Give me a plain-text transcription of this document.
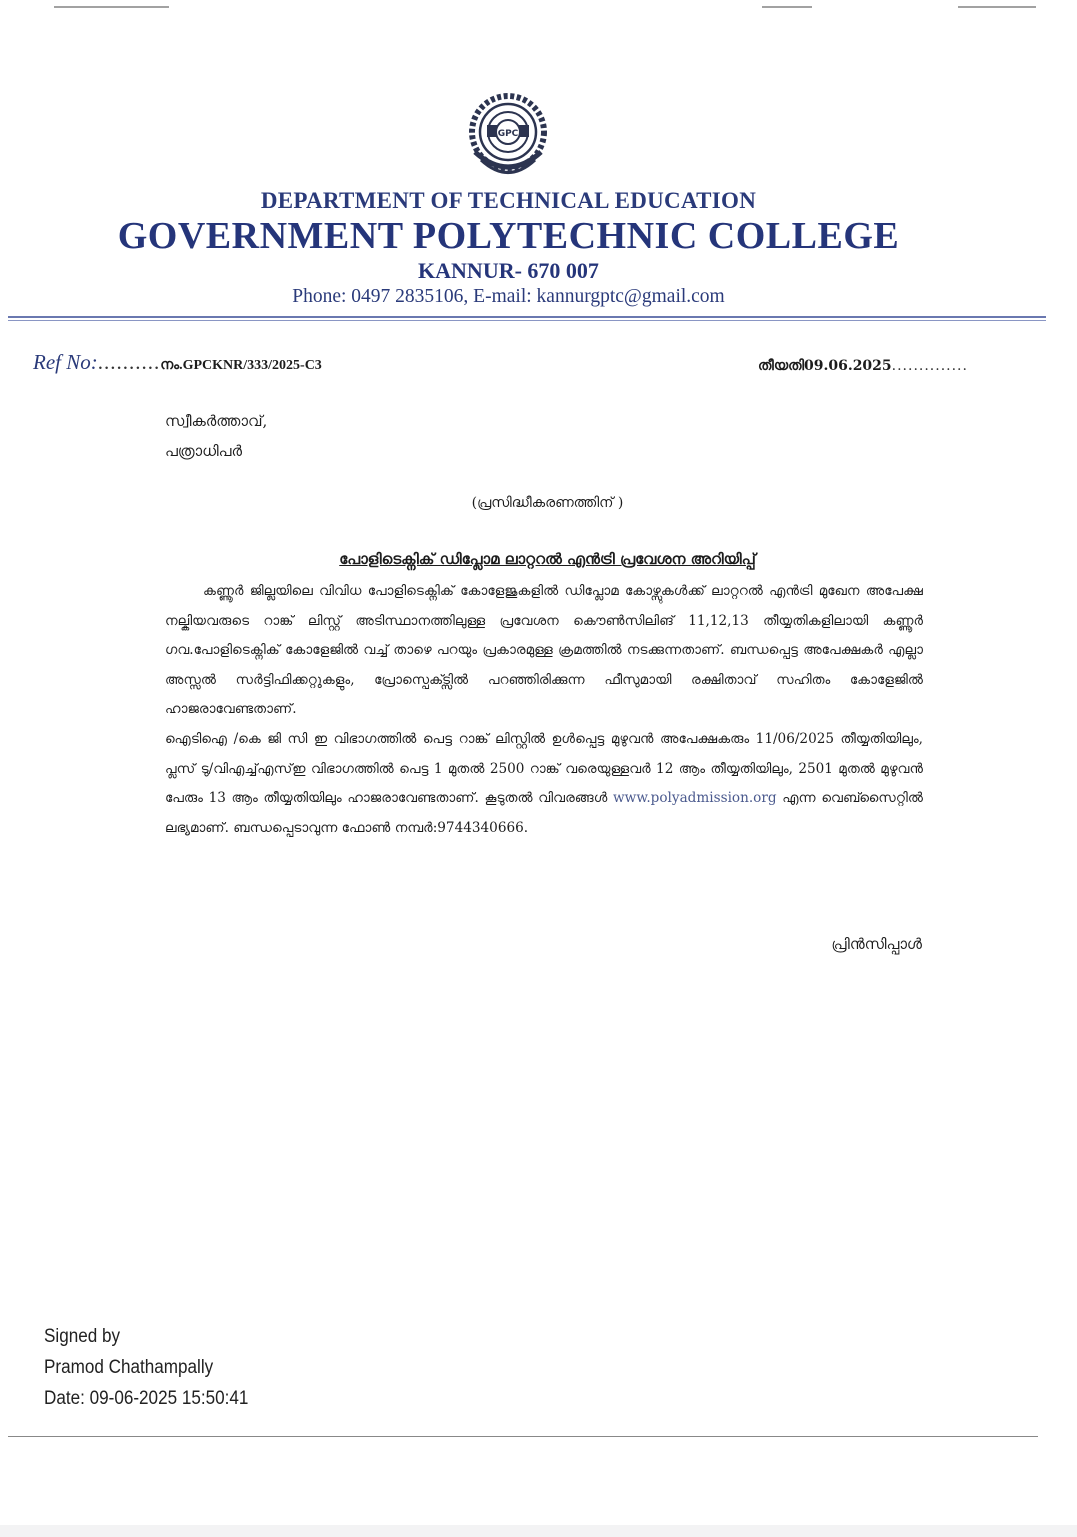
GPC
DEPARTMENT OF TECHNICAL EDUCATION
GOVERNMENT POLYTECHNIC COLLEGE
KANNUR- 670 007
Phone: 0497 2835106, E-mail: kannurgptc@gmail.com
Ref No:..........നം.GPCKNR/333/2025-C3	തീയതി09.06.2025..............
സ്വീകർത്താവ്,
പത്രാധിപർ
(പ്രസിദ്ധീകരണത്തിന് )
പോളിടെക്നിക് ഡിപ്ലോമ ലാറ്ററൽ എൻട്രി പ്രവേശന അറിയിപ്പ്

കണ്ണൂർ ജില്ലയിലെ വിവിധ പോളിടെക്നിക് കോളേജുകളിൽ ഡിപ്ലോമ കോഴ്സുകൾക്ക് ലാറ്ററൽ എൻട്രി മുഖേന അപേക്ഷ നല്കിയവരുടെ റാങ്ക് ലിസ്റ്റ് അടിസ്ഥാനത്തിലുള്ള പ്രവേശന കൌൺസിലിങ് 11,12,13 തീയ്യതികളിലായി കണ്ണൂർ ഗവ.പോളിടെക്നിക് കോളേജിൽ വച്ച് താഴെ പറയും പ്രകാരമുള്ള ക്രമത്തിൽ നടക്കുന്നതാണ്. ബന്ധപ്പെട്ട അപേക്ഷകർ എല്ലാ അസ്സൽ സർട്ടിഫിക്കറ്റുകളും, പ്രോസ്പെക്ട്സിൽ പറഞ്ഞിരിക്കുന്ന ഫീസുമായി രക്ഷിതാവ് സഹിതം കോളേജിൽ ഹാജരാവേണ്ടതാണ്.

ഐടിഐ /കെ ജി സി ഇ വിഭാഗത്തിൽ പെട്ട റാങ്ക് ലിസ്റ്റിൽ ഉൾപ്പെട്ട മുഴുവൻ അപേക്ഷകരും 11/06/2025 തീയ്യതിയിലും, പ്ലസ് ടു/വിഎച്ച്എസ്ഇ വിഭാഗത്തിൽ പെട്ട 1 മുതൽ 2500 റാങ്ക് വരെയുള്ളവർ 12 ആം തീയ്യതിയിലും, 2501 മുതൽ മുഴുവൻ പേരും 13 ആം തീയ്യതിയിലും ഹാജരാവേണ്ടതാണ്. കൂടുതൽ വിവരങ്ങൾ www.polyadmission.org എന്ന വെബ്സൈറ്റിൽ ലഭ്യമാണ്. ബന്ധപ്പെടാവുന്ന ഫോൺ നമ്പർ:9744340666.

പ്രിൻസിപ്പാൾ
Signed by
Pramod Chathampally
Date: 09-06-2025 15:50:41
